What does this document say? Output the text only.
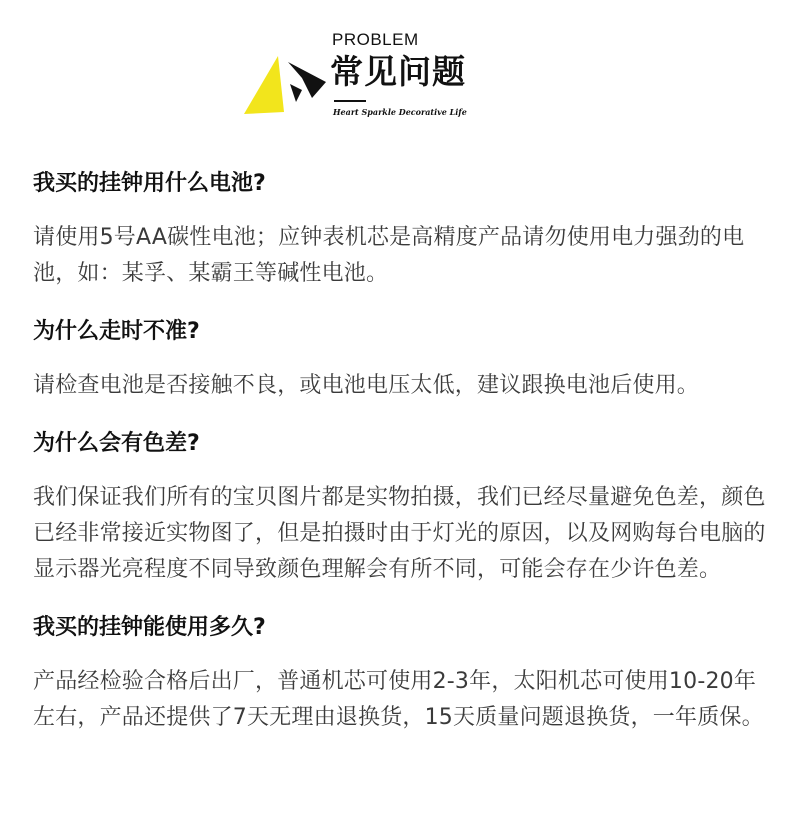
PROBLEM
常见问题
Heart Sparkle Decorative Life

我买的挂钟用什么电池?

请使用5号AA碳性电池；应钟表机芯是高精度产品请勿使用电力强劲的电池，如：某孚、某霸王等碱性电池。

为什么走时不准?

请检查电池是否接触不良，或电池电压太低，建议跟换电池后使用。

为什么会有色差?

我们保证我们所有的宝贝图片都是实物拍摄，我们已经尽量避免色差，颜色已经非常接近实物图了，但是拍摄时由于灯光的原因，以及网购每台电脑的显示器光亮程度不同导致颜色理解会有所不同，可能会存在少许色差。

我买的挂钟能使用多久?

产品经检验合格后出厂，普通机芯可使用2-3年，太阳机芯可使用10-20年左右，产品还提供了7天无理由退换货，15天质量问题退换货，一年质保。
